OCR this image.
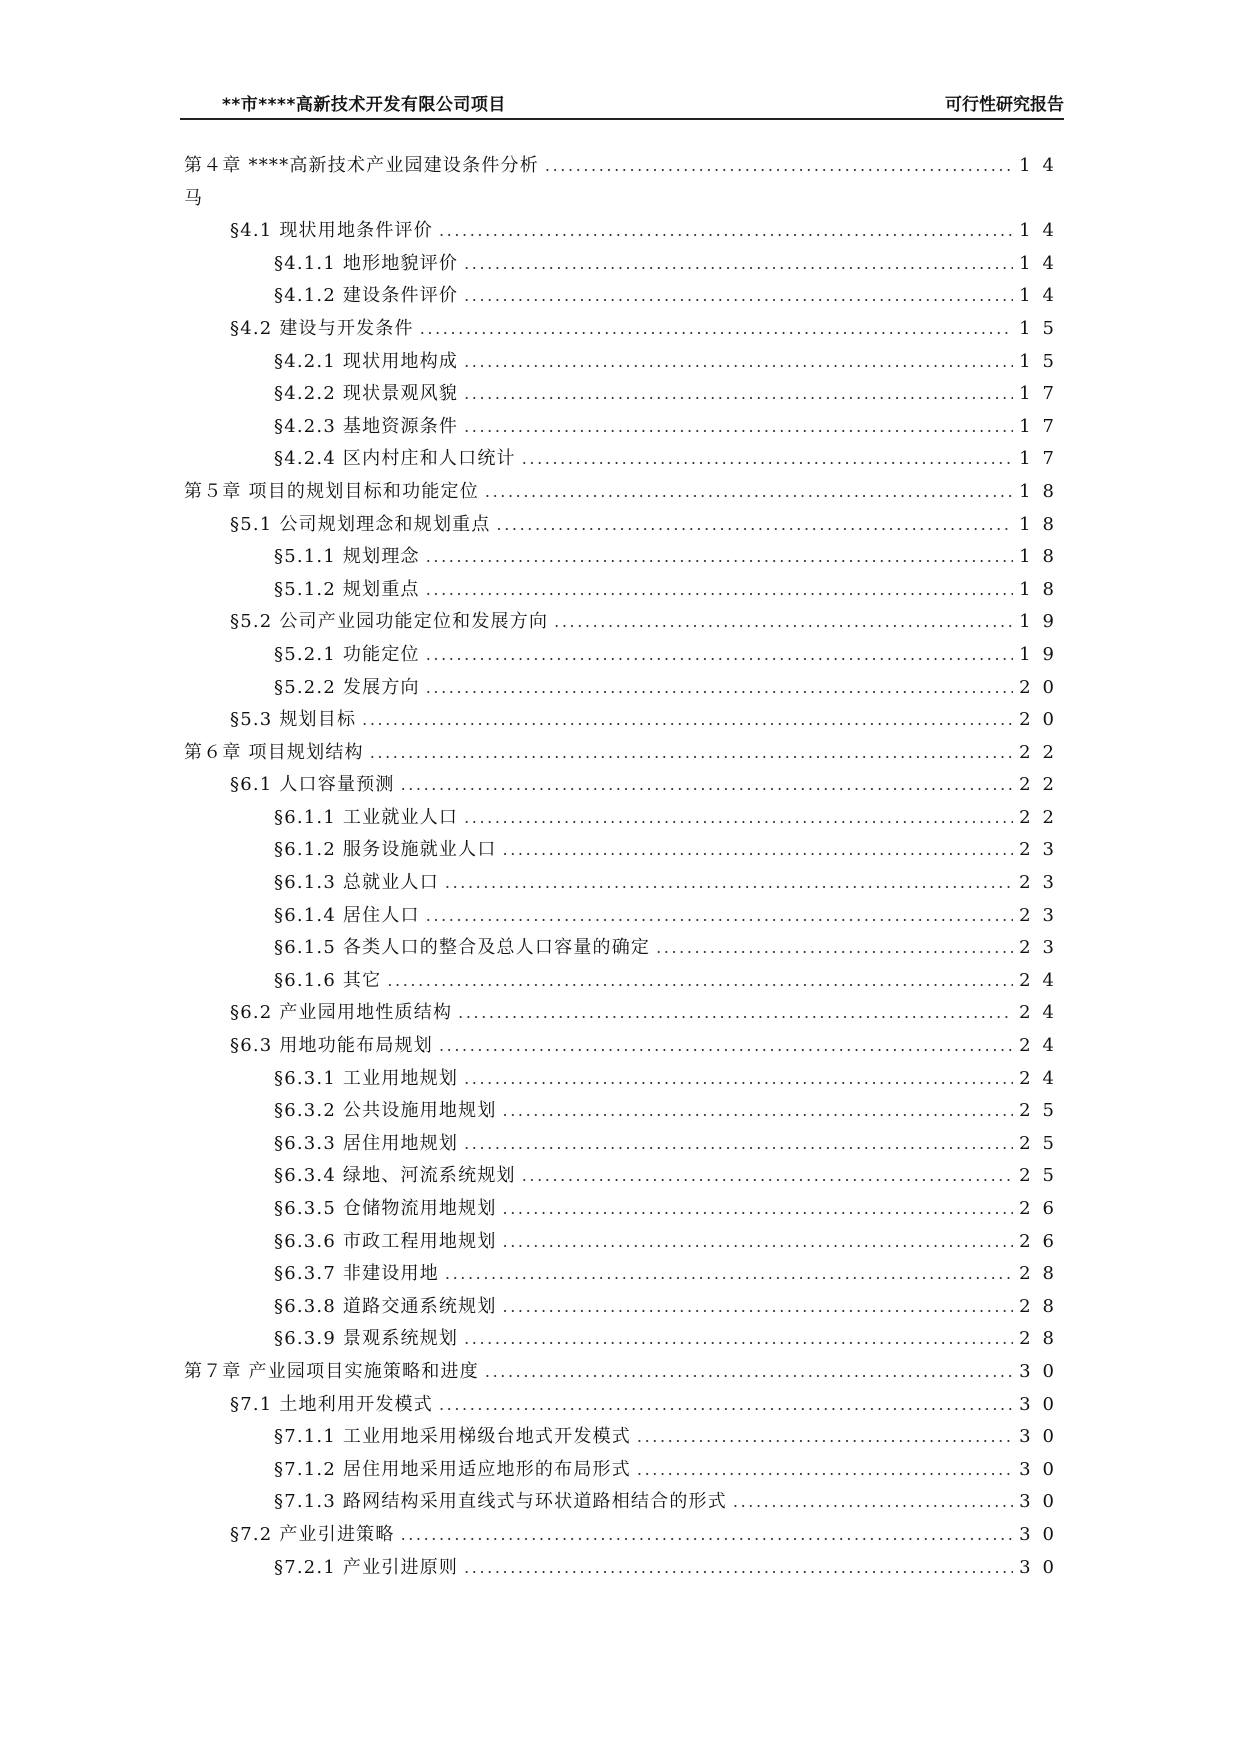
**市****高新技术开发有限公司项目	可行性研究报告
第４章 ****高新技术产业园建设条件分析 .....	14
马
§4.1 现状用地条件评价 .....	14
§4.1.1 地形地貌评价 .....	14
§4.1.2 建设条件评价 .....	14
§4.2 建设与开发条件 .....	15
§4.2.1 现状用地构成 .....	15
§4.2.2 现状景观风貌 .....	17
§4.2.3 基地资源条件 .....	17
§4.2.4 区内村庄和人口统计 .....	17
第５章 项目的规划目标和功能定位 .....	18
§5.1 公司规划理念和规划重点 .....	18
§5.1.1 规划理念 .....	18
§5.1.2 规划重点 .....	18
§5.2 公司产业园功能定位和发展方向 .....	19
§5.2.1 功能定位 .....	19
§5.2.2 发展方向 .....	20
§5.3 规划目标 .....	20
第６章 项目规划结构 .....	22
§6.1 人口容量预测 .....	22
§6.1.1 工业就业人口 .....	22
§6.1.2 服务设施就业人口 .....	23
§6.1.3 总就业人口 .....	23
§6.1.4 居住人口 .....	23
§6.1.5 各类人口的整合及总人口容量的确定 .....	23
§6.1.6 其它 .....	24
§6.2 产业园用地性质结构 .....	24
§6.3 用地功能布局规划 .....	24
§6.3.1 工业用地规划 .....	24
§6.3.2 公共设施用地规划 .....	25
§6.3.3 居住用地规划 .....	25
§6.3.4 绿地、河流系统规划 .....	25
§6.3.5 仓储物流用地规划 .....	26
§6.3.6 市政工程用地规划 .....	26
§6.3.7 非建设用地 .....	28
§6.3.8 道路交通系统规划 .....	28
§6.3.9 景观系统规划 .....	28
第７章 产业园项目实施策略和进度 .....	30
§7.1 土地利用开发模式 .....	30
§7.1.1 工业用地采用梯级台地式开发模式 .....	30
§7.1.2 居住用地采用适应地形的布局形式 .....	30
§7.1.3 路网结构采用直线式与环状道路相结合的形式 .....	30
§7.2 产业引进策略 .....	30
§7.2.1 产业引进原则 .....	30
